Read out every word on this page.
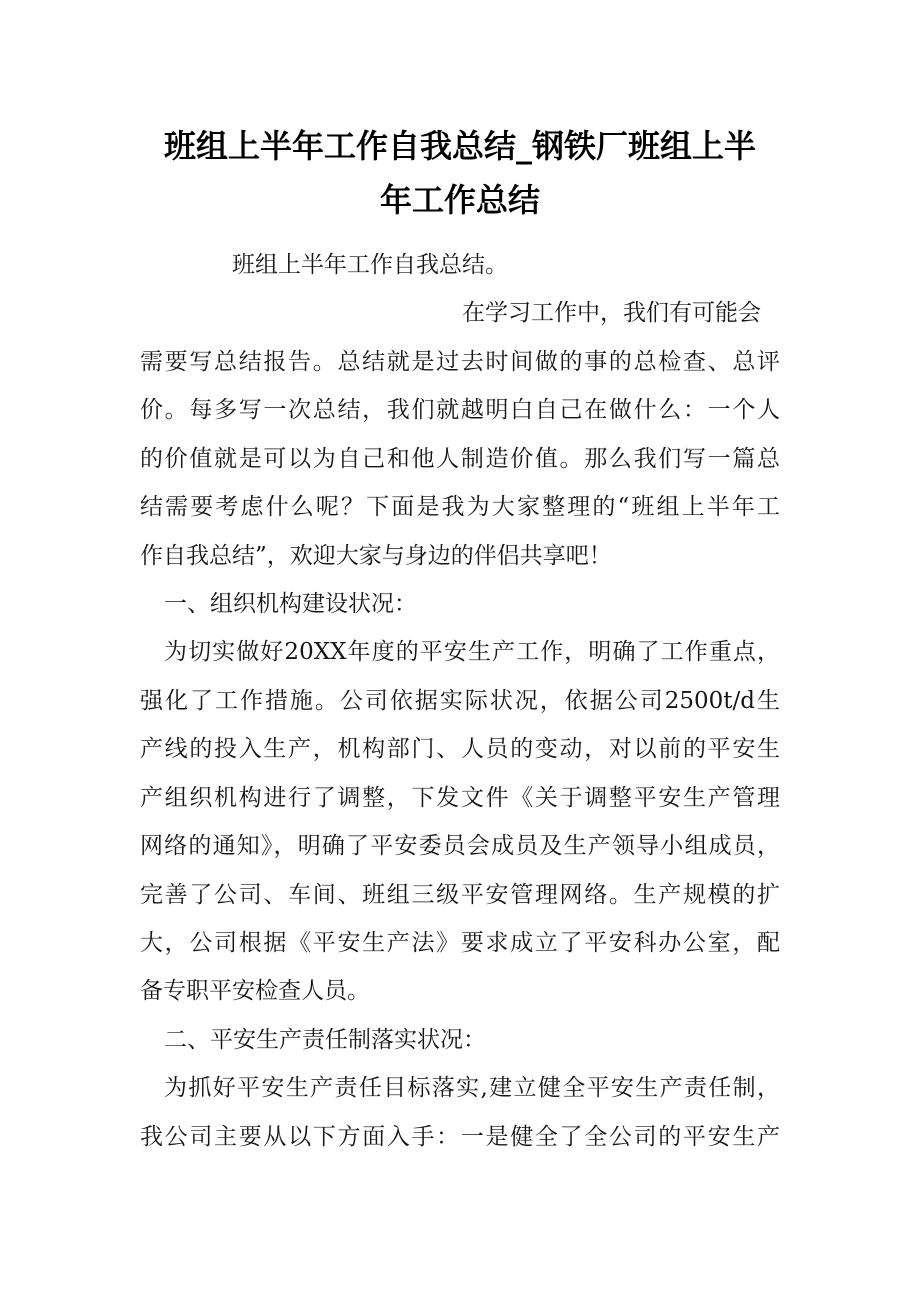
班组上半年工作自我总结_钢铁厂班组上半
年工作总结
班组上半年工作自我总结。
在学习工作中，我们有可能会
需要写总结报告。总结就是过去时间做的事的总检查、总评
价。每多写一次总结，我们就越明白自己在做什么：一个人
的价值就是可以为自己和他人制造价值。那么我们写一篇总
结需要考虑什么呢？下面是我为大家整理的“班组上半年工
作自我总结”，欢迎大家与身边的伴侣共享吧！
一、组织机构建设状况：
为切实做好20XX年度的平安生产工作，明确了工作重点，
强化了工作措施。公司依据实际状况，依据公司2500t/d生
产线的投入生产，机构部门、人员的变动，对以前的平安生
产组织机构进行了调整，下发文件《关于调整平安生产管理
网络的通知》，明确了平安委员会成员及生产领导小组成员，
完善了公司、车间、班组三级平安管理网络。生产规模的扩
大，公司根据《平安生产法》要求成立了平安科办公室，配
备专职平安检查人员。
二、平安生产责任制落实状况：
为抓好平安生产责任目标落实,建立健全平安生产责任制，
我公司主要从以下方面入手：一是健全了全公司的平安生产
